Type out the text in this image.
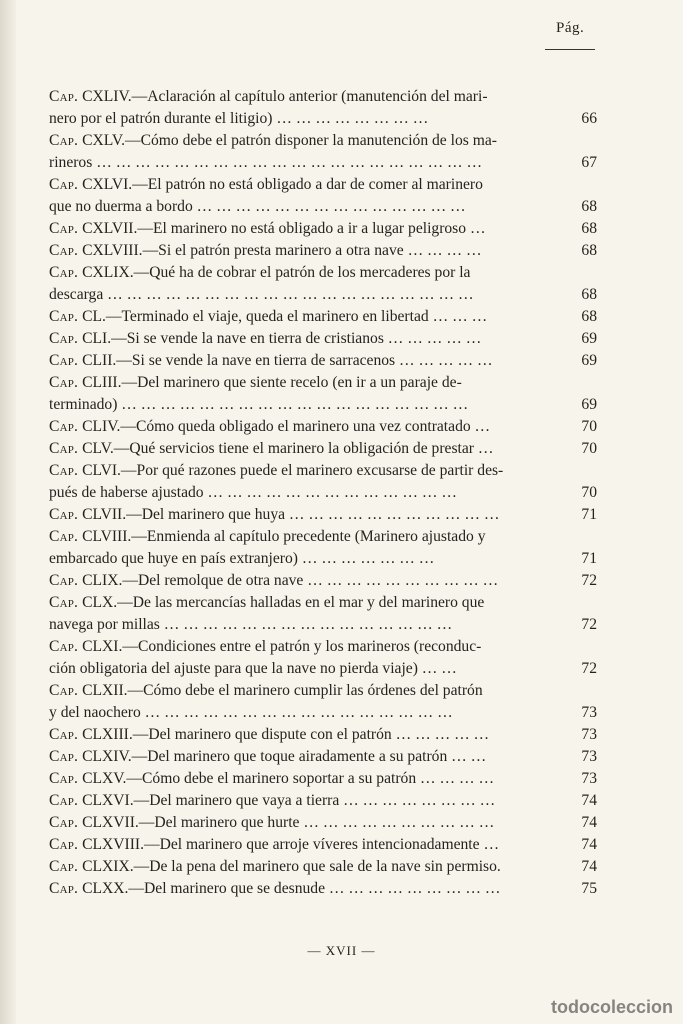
Pág.
Cap. CXLIV.—Aclaración al capítulo anterior (manutención del mari-
nero por el patrón durante el litigio) … … … … … … … …	66
Cap. CXLV.—Cómo debe el patrón disponer la manutención de los ma-
rineros … … … … … … … … … … … … … … … … … … … …	67
Cap. CXLVI.—El patrón no está obligado a dar de comer al marinero
que no duerma a bordo … … … … … … … … … … … … … …	68
Cap. CXLVII.—El marinero no está obligado a ir a lugar peligroso …	68
Cap. CXLVIII.—Si el patrón presta marinero a otra nave … … … …	68
Cap. CXLIX.—Qué ha de cobrar el patrón de los mercaderes por la
descarga … … … … … … … … … … … … … … … … … … …	68
Cap. CL.—Terminado el viaje, queda el marinero en libertad … … …	68
Cap. CLI.—Si se vende la nave en tierra de cristianos … … … … …	69
Cap. CLII.—Si se vende la nave en tierra de sarracenos … … … … …	69
Cap. CLIII.—Del marinero que siente recelo (en ir a un paraje de-
terminado) … … … … … … … … … … … … … … … … … …	69
Cap. CLIV.—Cómo queda obligado el marinero una vez contratado …	70
Cap. CLV.—Qué servicios tiene el marinero la obligación de prestar …	70
Cap. CLVI.—Por qué razones puede el marinero excusarse de partir des-
pués de haberse ajustado … … … … … … … … … … … … …	70
Cap. CLVII.—Del marinero que huya … … … … … … … … … … …	71
Cap. CLVIII.—Enmienda al capítulo precedente (Marinero ajustado y
embarcado que huye en país extranjero) … … … … … … …	71
Cap. CLIX.—Del remolque de otra nave … … … … … … … … … …	72
Cap. CLX.—De las mercancías halladas en el mar y del marinero que
navega por millas … … … … … … … … … … … … … … …	72
Cap. CLXI.—Condiciones entre el patrón y los marineros (reconduc-
ción obligatoria del ajuste para que la nave no pierda viaje) … …	72
Cap. CLXII.—Cómo debe el marinero cumplir las órdenes del patrón
y del naochero … … … … … … … … … … … … … … … …	73
Cap. CLXIII.—Del marinero que dispute con el patrón … … … … …	73
Cap. CLXIV.—Del marinero que toque airadamente a su patrón … …	73
Cap. CLXV.—Cómo debe el marinero soportar a su patrón … … … …	73
Cap. CLXVI.—Del marinero que vaya a tierra … … … … … … … …	74
Cap. CLXVII.—Del marinero que hurte … … … … … … … … … …	74
Cap. CLXVIII.—Del marinero que arroje víveres intencionadamente …	74
Cap. CLXIX.—De la pena del marinero que sale de la nave sin permiso.	74
Cap. CLXX.—Del marinero que se desnude … … … … … … … … …	75
— XVII —
todocoleccion
